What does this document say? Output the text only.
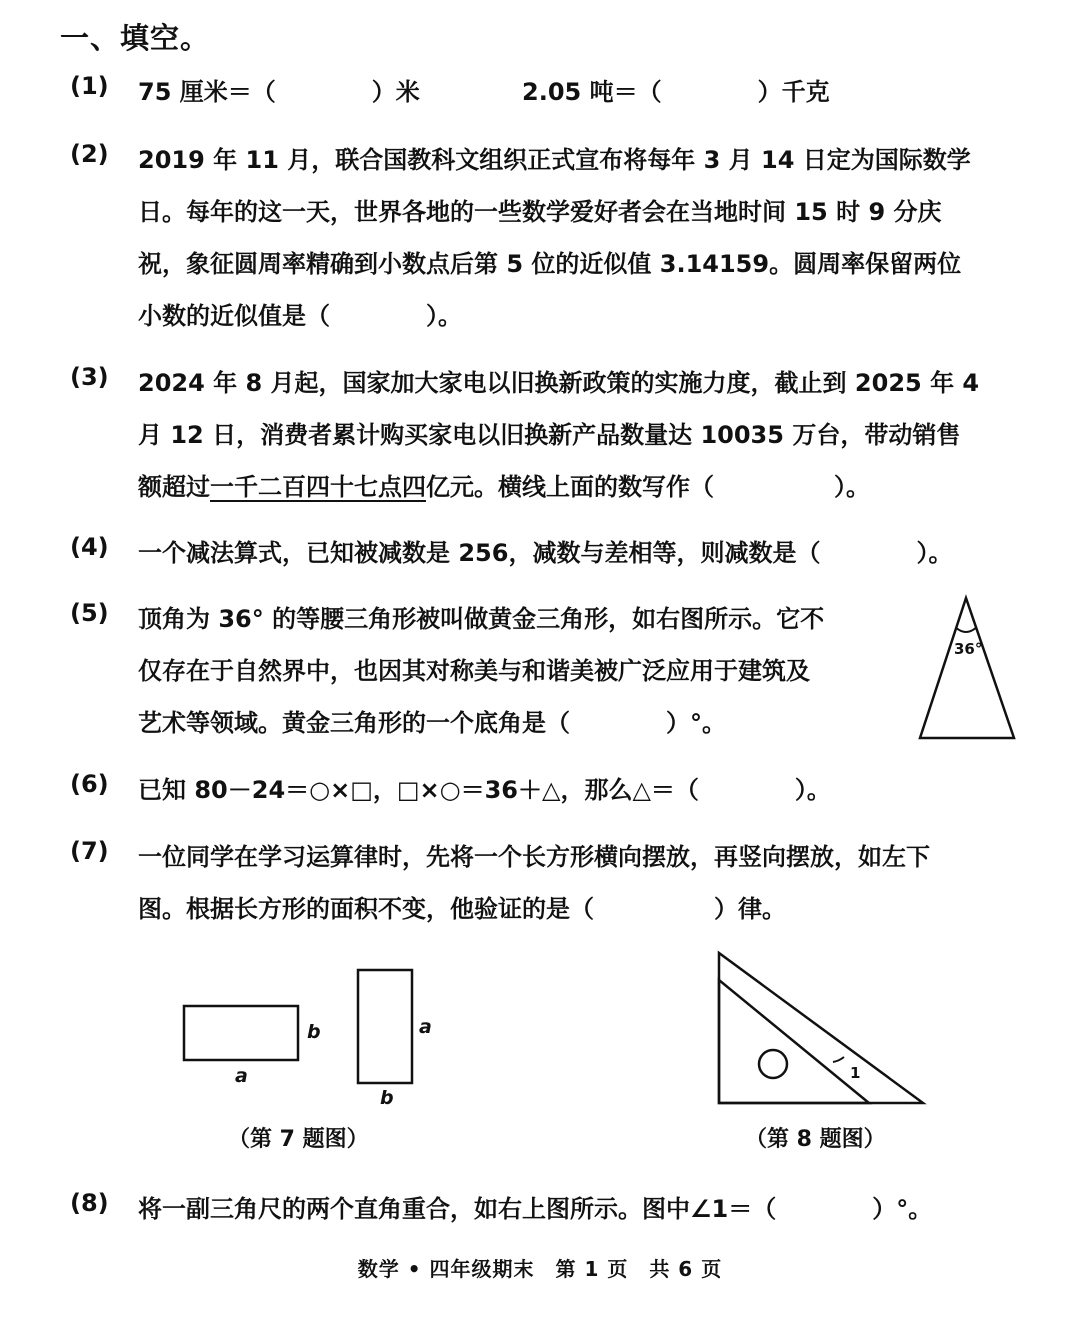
一、填空。
(1) 75 厘米＝（　　　　）米	2.05 吨＝（　　　　）千克
(2) 2019 年 11 月，联合国教科文组织正式宣布将每年 3 月 14 日定为国际数学
日。每年的这一天，世界各地的一些数学爱好者会在当地时间 15 时 9 分庆
祝，象征圆周率精确到小数点后第 5 位的近似值 3.14159。圆周率保留两位
小数的近似值是（　　　　）。
(3) 2024 年 8 月起，国家加大家电以旧换新政策的实施力度，截止到 2025 年 4
月 12 日，消费者累计购买家电以旧换新产品数量达 10035 万台，带动销售
额超过一千二百四十七点四亿元。横线上面的数写作（　　　　　）。
(4) 一个减法算式，已知被减数是 256，减数与差相等，则减数是（　　　　）。
(5) 顶角为 36° 的等腰三角形被叫做黄金三角形，如右图所示。它不
仅存在于自然界中，也因其对称美与和谐美被广泛应用于建筑及
艺术等领域。黄金三角形的一个底角是（　　　　）°。
36°
(6) 已知 80－24＝○×□，□×○＝36＋△，那么△＝（　　　　）。
(7) 一位同学在学习运算律时，先将一个长方形横向摆放，再竖向摆放，如左下
图。根据长方形的面积不变，他验证的是（　　　　　）律。
b
a
a
b
（第 7 题图）
1
（第 8 题图）
(8) 将一副三角尺的两个直角重合，如右上图所示。图中∠1＝（　　　　）°。
数学 • 四年级期末　第 1 页　共 6 页
